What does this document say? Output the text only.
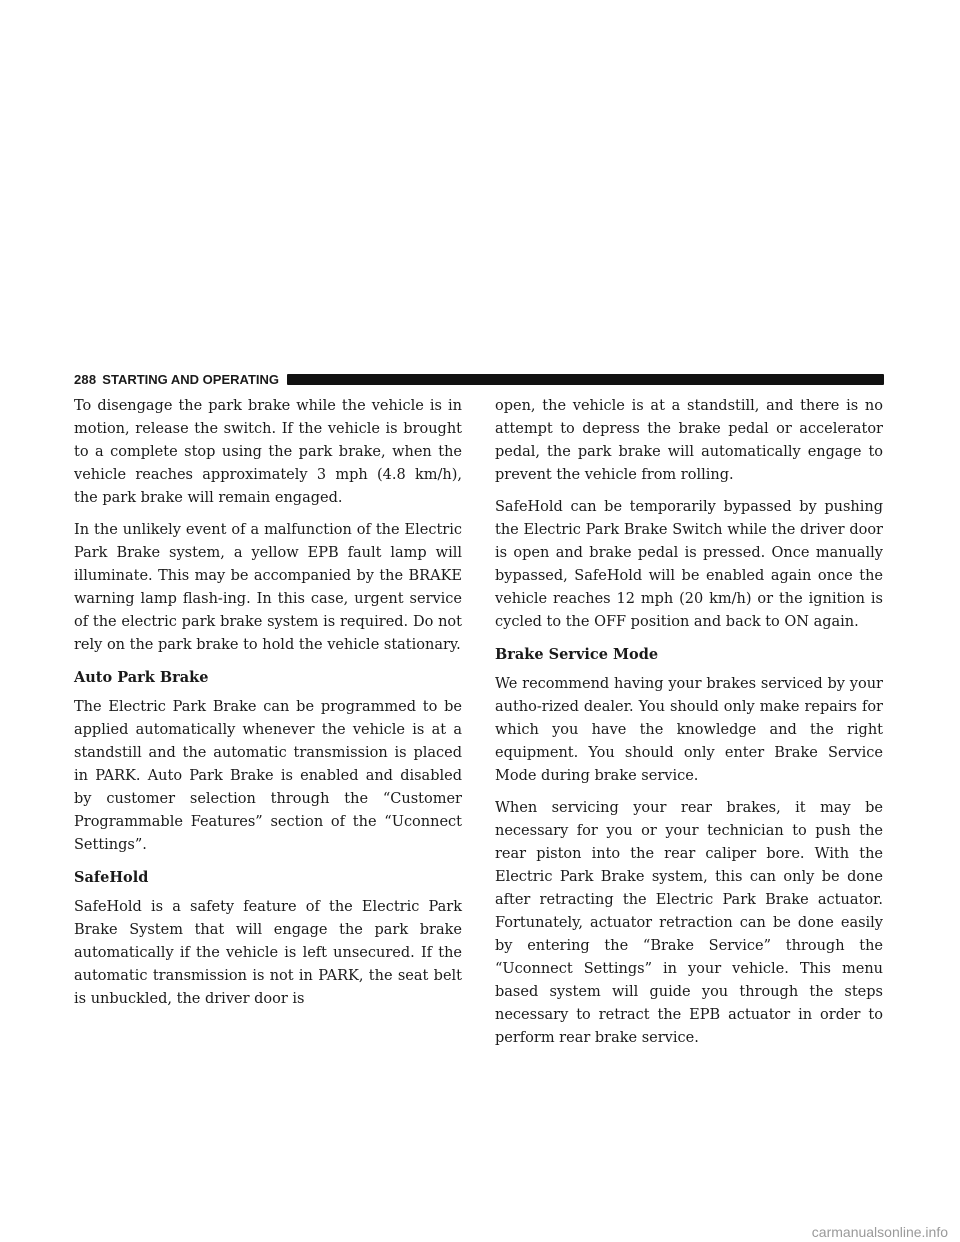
288 STARTING AND OPERATING

To disengage the park brake while the vehicle is in motion, release the switch. If the vehicle is brought to a complete stop using the park brake, when the vehicle reaches approximately 3 mph (4.8 km/h), the park brake will remain engaged.

In the unlikely event of a malfunction of the Electric Park Brake system, a yellow EPB fault lamp will illuminate. This may be accompanied by the BRAKE warning lamp flash-ing. In this case, urgent service of the electric park brake system is required. Do not rely on the park brake to hold the vehicle stationary.

Auto Park Brake

The Electric Park Brake can be programmed to be applied automatically whenever the vehicle is at a standstill and the automatic transmission is placed in PARK. Auto Park Brake is enabled and disabled by customer selection through the “Customer Programmable Features” section of the “Uconnect Settings”.

SafeHold

SafeHold is a safety feature of the Electric Park Brake System that will engage the park brake automatically if the vehicle is left unsecured. If the automatic transmission is not in PARK, the seat belt is unbuckled, the driver door is

open, the vehicle is at a standstill, and there is no attempt to depress the brake pedal or accelerator pedal, the park brake will automatically engage to prevent the vehicle from rolling.

SafeHold can be temporarily bypassed by pushing the Electric Park Brake Switch while the driver door is open and brake pedal is pressed. Once manually bypassed, SafeHold will be enabled again once the vehicle reaches 12 mph (20 km/h) or the ignition is cycled to the OFF position and back to ON again.

Brake Service Mode

We recommend having your brakes serviced by your autho-rized dealer. You should only make repairs for which you have the knowledge and the right equipment. You should only enter Brake Service Mode during brake service.

When servicing your rear brakes, it may be necessary for you or your technician to push the rear piston into the rear caliper bore. With the Electric Park Brake system, this can only be done after retracting the Electric Park Brake actuator. Fortunately, actuator retraction can be done easily by entering the “Brake Service” through the “Uconnect Settings” in your vehicle. This menu based system will guide you through the steps necessary to retract the EPB actuator in order to perform rear brake service.

carmanualsonline.info
